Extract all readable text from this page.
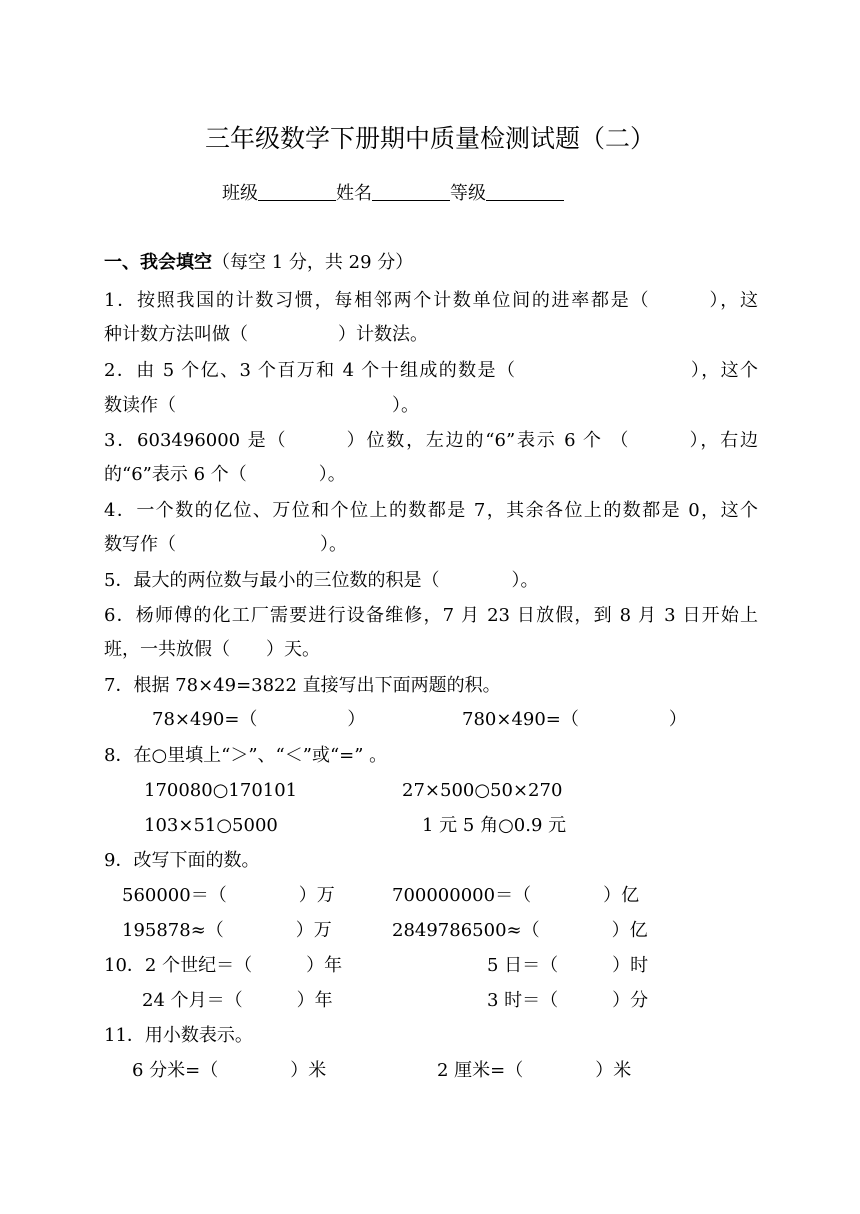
三年级数学下册期中质量检测试题（二）
班级	姓名	等级
一、我会填空（每空 1 分，共 29 分）
1．按照我国的计数习惯，每相邻两个计数单位间的进率都是（　　　），这
种计数方法叫做（　　　　　）计数法。
2．由 5 个亿、3 个百万和 4 个十组成的数是（　　　　　　　　　），这个
数读作（　　　　　　　　　　　　）。
3．603496000 是（　　　）位数，左边的“6”表示 6 个 （　　　），右边
的“6”表示 6 个（　　　　）。
4．一个数的亿位、万位和个位上的数都是 7，其余各位上的数都是 0，这个
数写作（　　　　　　　　）。
5．最大的两位数与最小的三位数的积是（　　　　）。
6．杨师傅的化工厂需要进行设备维修，7 月 23 日放假，到 8 月 3 日开始上
班，一共放假（　　）天。
7．根据 78×49=3822 直接写出下面两题的积。
78×490=（　　　　　）	780×490=（　　　　　）
8．在○里填上“＞”、“＜”或“=” 。
170080○170101	27×500○50×270
103×51○5000	1 元 5 角○0.9 元
9．改写下面的数。
560000＝（　　　　）万	700000000＝（　　　　）亿
195878≈（　　　　）万	2849786500≈（　　　　）亿
10．2 个世纪＝（　　　）年	5 日＝（　　　）时
24 个月＝（　　　）年	3 时＝（　　　）分
11．用小数表示。
6 分米=（　　　　）米	2 厘米=（　　　　）米
